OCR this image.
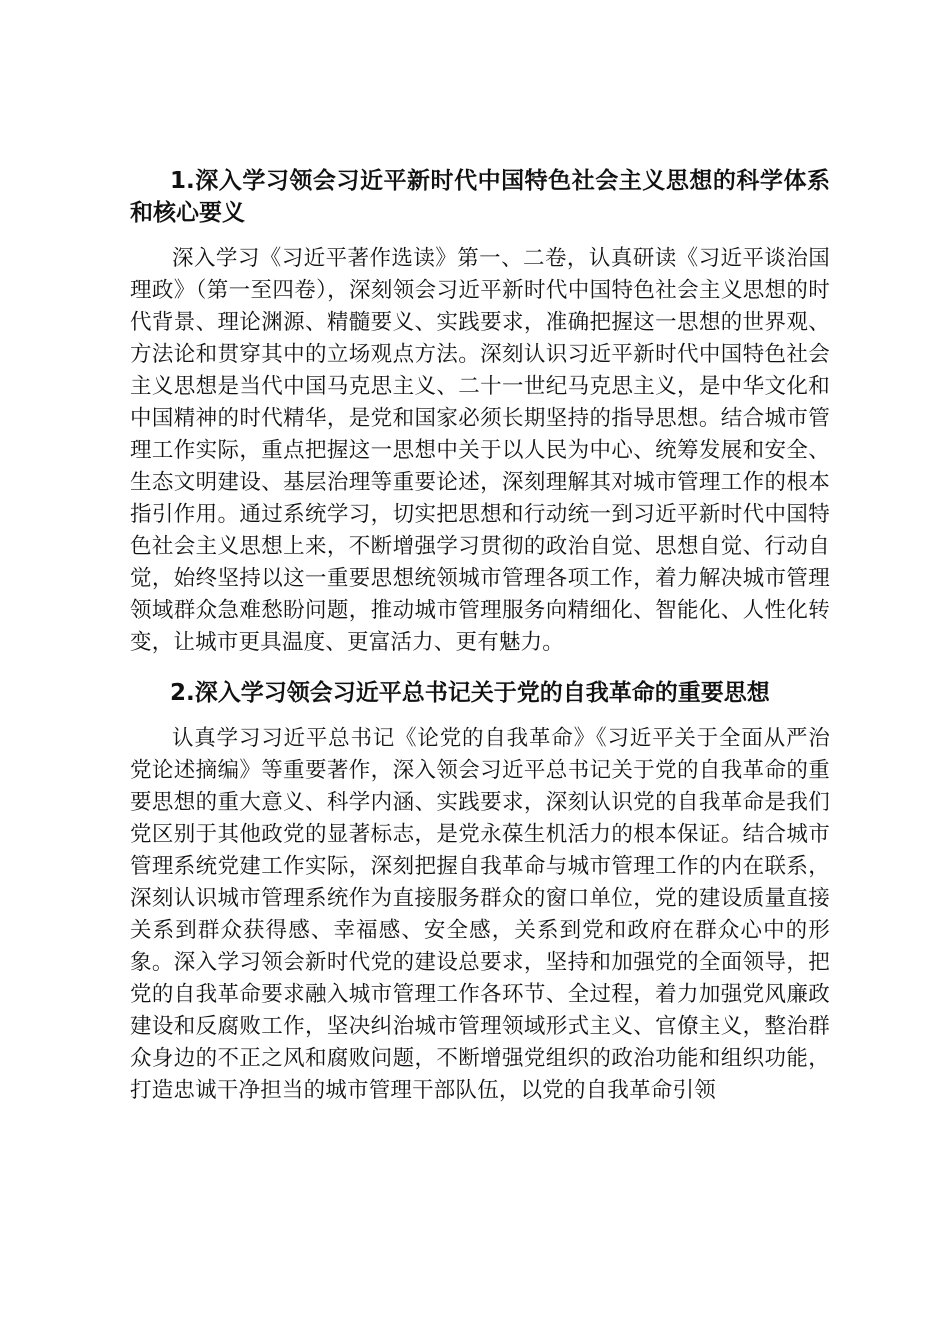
1.深入学习领会习近平新时代中国特色社会主义思想的科学体系和核心要义

深入学习《习近平著作选读》第一、二卷，认真研读《习近平谈治国理政》（第一至四卷），深刻领会习近平新时代中国特色社会主义思想的时代背景、理论渊源、精髓要义、实践要求，准确把握这一思想的世界观、方法论和贯穿其中的立场观点方法。深刻认识习近平新时代中国特色社会主义思想是当代中国马克思主义、二十一世纪马克思主义，是中华文化和中国精神的时代精华，是党和国家必须长期坚持的指导思想。结合城市管理工作实际，重点把握这一思想中关于以人民为中心、统筹发展和安全、生态文明建设、基层治理等重要论述，深刻理解其对城市管理工作的根本指引作用。通过系统学习，切实把思想和行动统一到习近平新时代中国特色社会主义思想上来，不断增强学习贯彻的政治自觉、思想自觉、行动自觉，始终坚持以这一重要思想统领城市管理各项工作，着力解决城市管理领域群众急难愁盼问题，推动城市管理服务向精细化、智能化、人性化转变，让城市更具温度、更富活力、更有魅力。

2.深入学习领会习近平总书记关于党的自我革命的重要思想

认真学习习近平总书记《论党的自我革命》《习近平关于全面从严治党论述摘编》等重要著作，深入领会习近平总书记关于党的自我革命的重要思想的重大意义、科学内涵、实践要求，深刻认识党的自我革命是我们党区别于其他政党的显著标志，是党永葆生机活力的根本保证。结合城市管理系统党建工作实际，深刻把握自我革命与城市管理工作的内在联系，深刻认识城市管理系统作为直接服务群众的窗口单位，党的建设质量直接关系到群众获得感、幸福感、安全感，关系到党和政府在群众心中的形象。深入学习领会新时代党的建设总要求，坚持和加强党的全面领导，把党的自我革命要求融入城市管理工作各环节、全过程，着力加强党风廉政建设和反腐败工作，坚决纠治城市管理领域形式主义、官僚主义，整治群众身边的不正之风和腐败问题，不断增强党组织的政治功能和组织功能，打造忠诚干净担当的城市管理干部队伍，以党的自我革命引领
